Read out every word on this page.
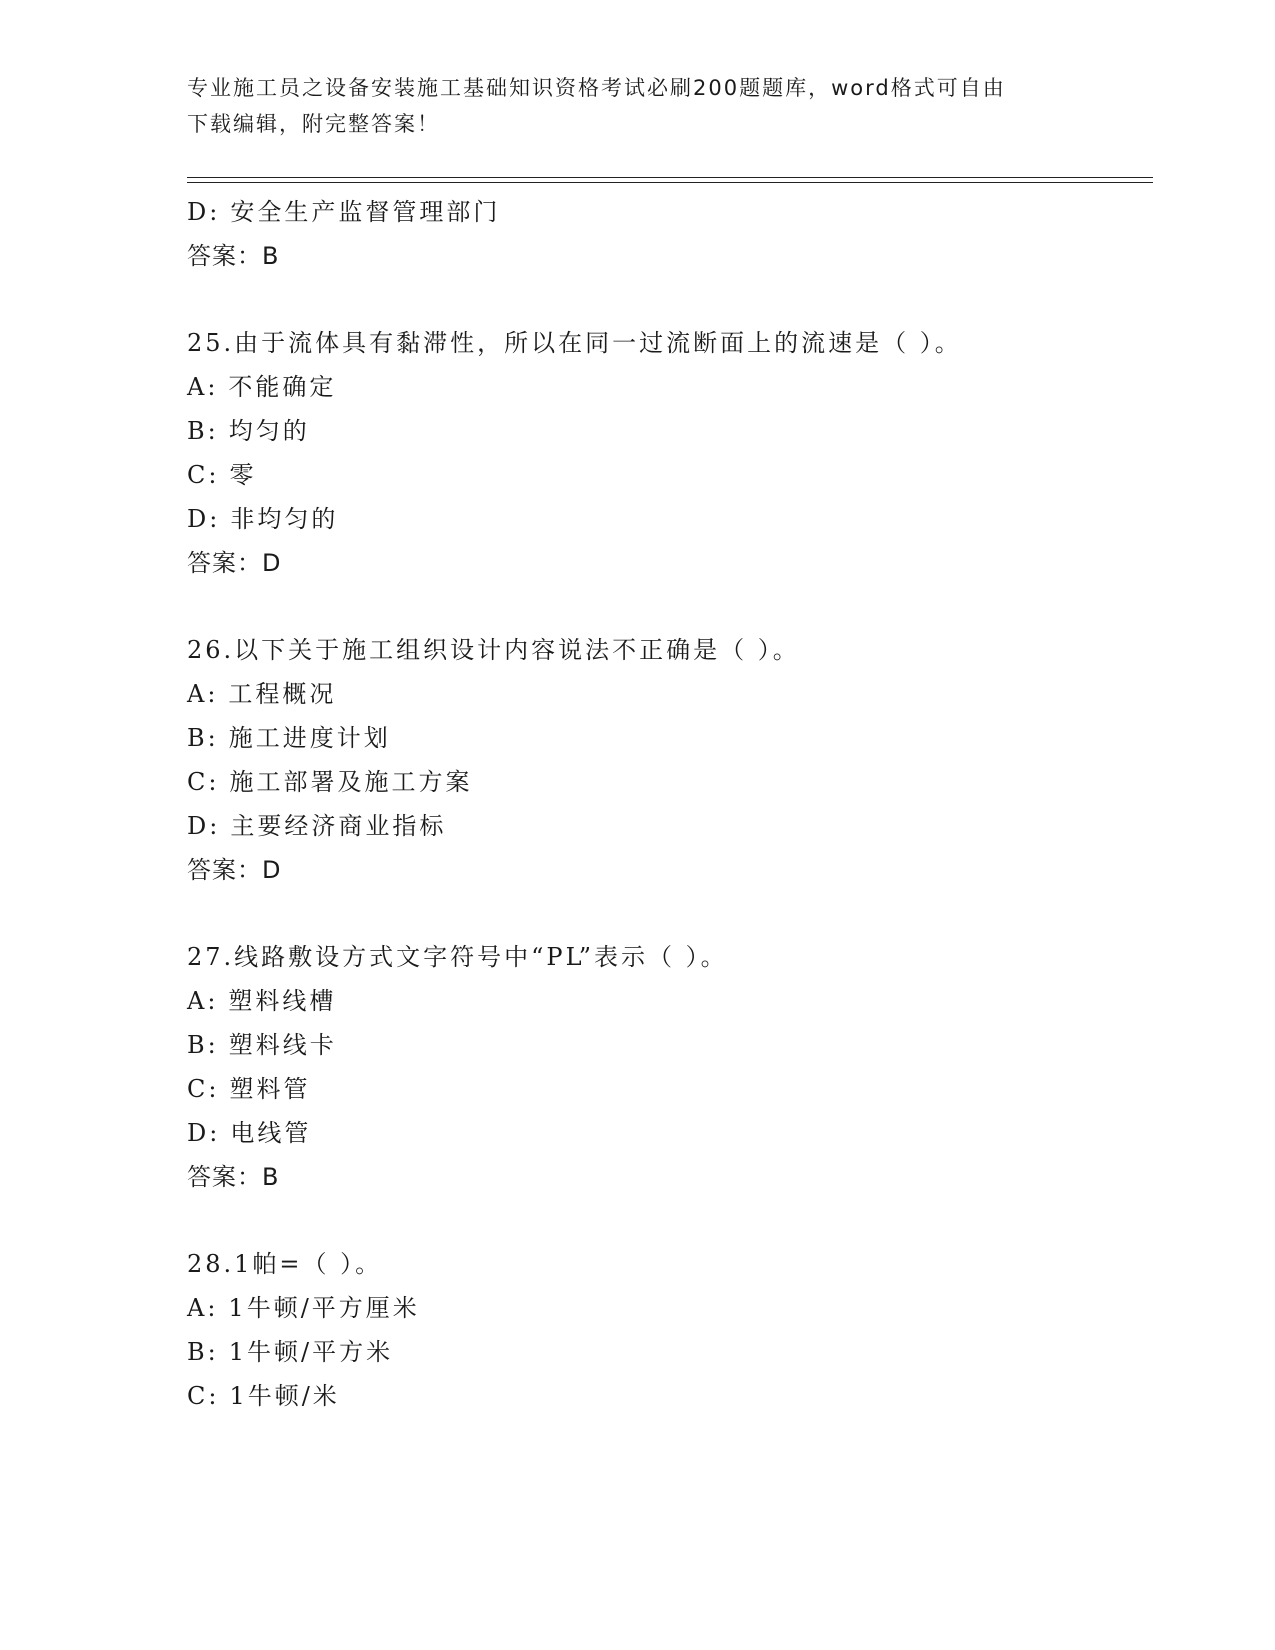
专业施工员之设备安装施工基础知识资格考试必刷200题题库，word格式可自由
下载编辑，附完整答案！
D: 安全生产监督管理部门
答案：B
25.由于流体具有黏滞性，所以在同一过流断面上的流速是（ ）。
A: 不能确定
B: 均匀的
C: 零
D: 非均匀的
答案：D
26.以下关于施工组织设计内容说法不正确是（ ）。
A: 工程概况
B: 施工进度计划
C: 施工部署及施工方案
D: 主要经济商业指标
答案：D
27.线路敷设方式文字符号中“PL”表示（ ）。
A: 塑料线槽
B: 塑料线卡
C: 塑料管
D: 电线管
答案：B
28.1帕=（ ）。
A: 1牛顿/平方厘米
B: 1牛顿/平方米
C: 1牛顿/米
